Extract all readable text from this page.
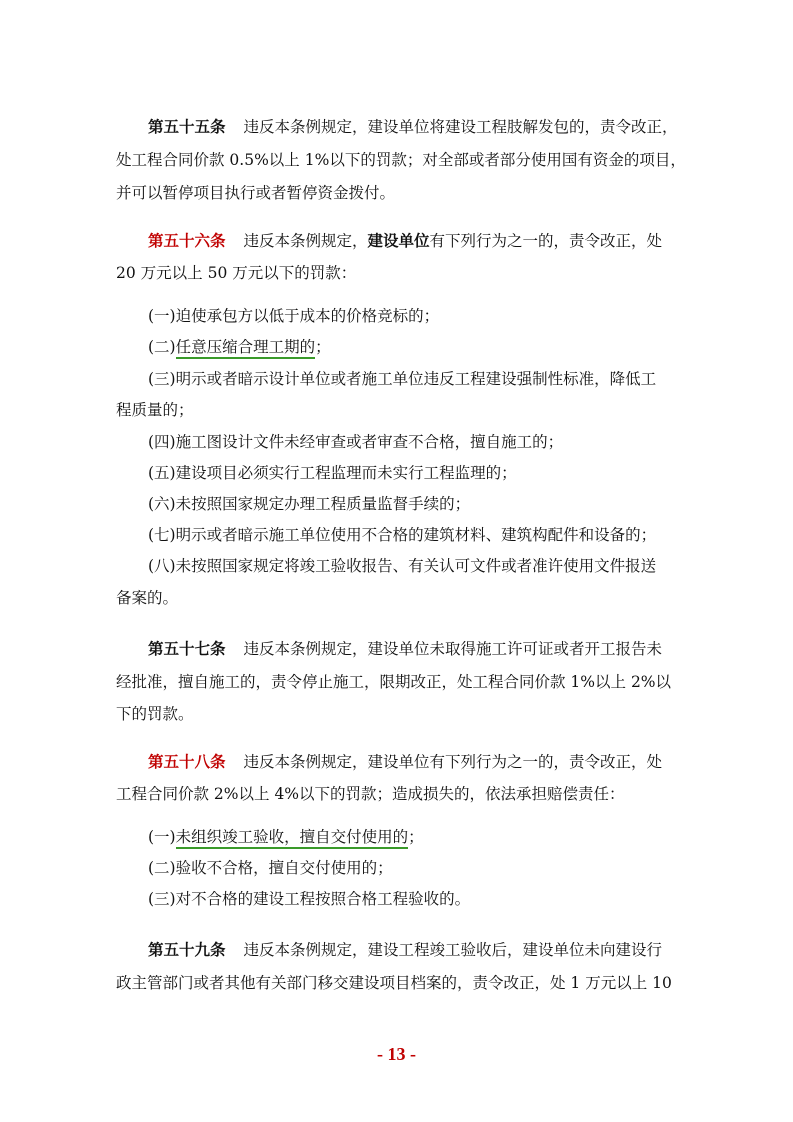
第五十五条 违反本条例规定，建设单位将建设工程肢解发包的，责令改正，
处工程合同价款 0.5%以上 1%以下的罚款；对全部或者部分使用国有资金的项目，
并可以暂停项目执行或者暂停资金拨付。
第五十六条 违反本条例规定，建设单位有下列行为之一的，责令改正，处
20 万元以上 50 万元以下的罚款：
(一)迫使承包方以低于成本的价格竞标的；
(二)任意压缩合理工期的；
(三)明示或者暗示设计单位或者施工单位违反工程建设强制性标准，降低工
程质量的；
(四)施工图设计文件未经审查或者审查不合格，擅自施工的；
(五)建设项目必须实行工程监理而未实行工程监理的；
(六)未按照国家规定办理工程质量监督手续的；
(七)明示或者暗示施工单位使用不合格的建筑材料、建筑构配件和设备的；
(八)未按照国家规定将竣工验收报告、有关认可文件或者准许使用文件报送
备案的。
第五十七条 违反本条例规定，建设单位未取得施工许可证或者开工报告未
经批准，擅自施工的，责令停止施工，限期改正，处工程合同价款 1%以上 2%以
下的罚款。
第五十八条 违反本条例规定，建设单位有下列行为之一的，责令改正，处
工程合同价款 2%以上 4%以下的罚款；造成损失的，依法承担赔偿责任：
(一)未组织竣工验收，擅自交付使用的；
(二)验收不合格，擅自交付使用的；
(三)对不合格的建设工程按照合格工程验收的。
第五十九条 违反本条例规定，建设工程竣工验收后，建设单位未向建设行
政主管部门或者其他有关部门移交建设项目档案的，责令改正，处 1 万元以上 10
- 13 -
